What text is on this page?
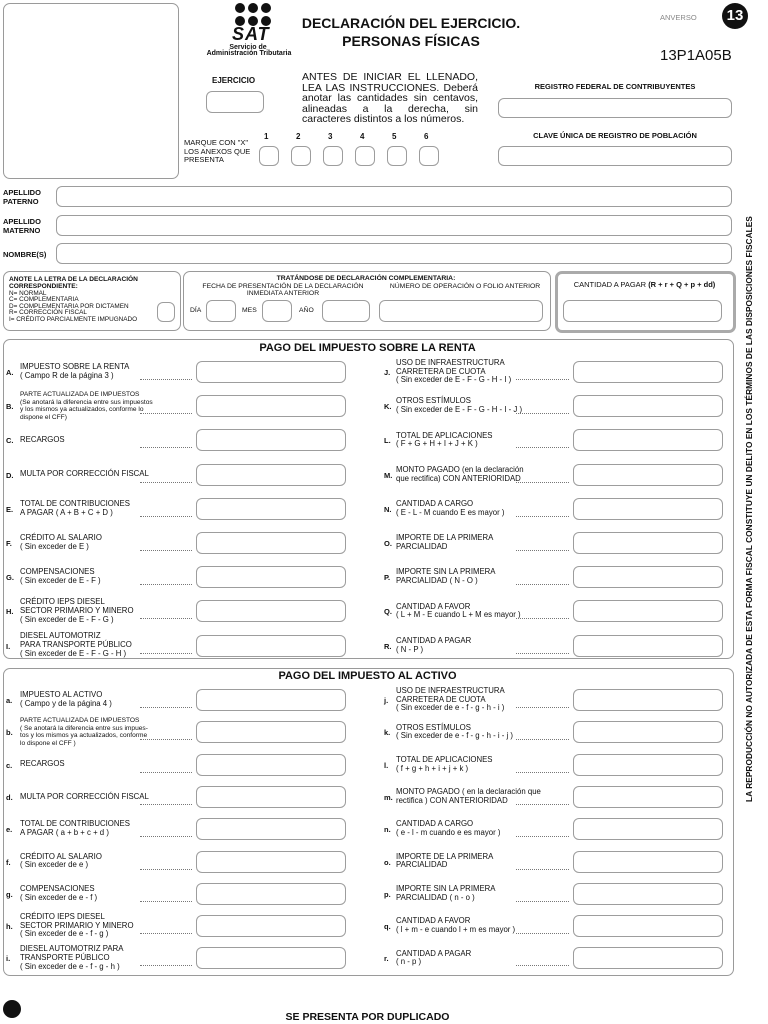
SAT
Servicio de
Administración Tributaria
DECLARACIÓN DEL EJERCICIO.
PERSONAS FÍSICAS
ANVERSO	13
13P1A05B
EJERCICIO	ANTES DE INICIAR EL LLENADO, LEA LAS INSTRUCCIONES. Deberá anotar las cantidades sin centavos, alineadas a la derecha, sin caracteres distintos a los números.
REGISTRO FEDERAL DE CONTRIBUYENTES
CLAVE ÚNICA DE REGISTRO DE POBLACIÓN
MARQUE CON "X" LOS ANEXOS QUE PRESENTA
1	2	3	4	5	6
APELLIDO PATERNO
APELLIDO MATERNO
NOMBRE(S)
ANOTE LA LETRA DE LA DECLARACIÓN CORRESPONDIENTE:
N= NORMAL
C= COMPLEMENTARIA
D= COMPLEMENTARIA POR DICTAMEN
R= CORRECCIÓN FISCAL
I= CRÉDITO PARCIALMENTE IMPUGNADO
TRATÁNDOSE DE DECLARACIÓN COMPLEMENTARIA:
FECHA DE PRESENTACIÓN DE LA DECLARACIÓN INMEDIATA ANTERIOR
NÚMERO DE OPERACIÓN O FOLIO ANTERIOR
DÍA	MES	AÑO
CANTIDAD A PAGAR (R + r + Q + p + dd)
PAGO DEL IMPUESTO SOBRE LA RENTA
A.
IMPUESTO SOBRE LA RENTA
( Campo R de la página 3 )
B.
PARTE ACTUALIZADA DE IMPUESTOS
(Se anotará la diferencia entre sus impuestos
y los mismos ya actualizados, conforme lo
dispone el CFF)
C. RECARGOS
D. MULTA POR CORRECCIÓN FISCAL
E.
TOTAL DE CONTRIBUCIONES
A PAGAR ( A + B + C + D )
F.
CRÉDITO AL SALARIO
( Sin exceder de E )
G.
COMPENSACIONES
( Sin exceder de E - F )
H.
CRÉDITO IEPS DIESEL
SECTOR PRIMARIO Y MINERO
( Sin exceder de E - F - G )
I.
DIESEL AUTOMOTRIZ
PARA TRANSPORTE PÚBLICO
( Sin exceder de E - F - G - H )
J.
USO DE INFRAESTRUCTURA
CARRETERA DE CUOTA
( Sin exceder de E - F - G - H - I )
K.
OTROS ESTÍMULOS
( Sin exceder de E - F - G - H - I - J )
L.
TOTAL DE APLICACIONES
( F + G + H + I + J + K )
M.
MONTO PAGADO (en la declaración
que rectifica) CON ANTERIORIDAD
N.
CANTIDAD A CARGO
( E - L - M cuando E es mayor )
O.
IMPORTE DE LA PRIMERA
PARCIALIDAD
P.
IMPORTE SIN LA PRIMERA
PARCIALIDAD ( N - O )
Q.
CANTIDAD A FAVOR
( L + M - E cuando L + M es mayor )
R.
CANTIDAD A PAGAR
( N - P )
PAGO DEL IMPUESTO AL ACTIVO
a.
IMPUESTO AL ACTIVO
( Campo y de la página 4 )
b.
PARTE ACTUALIZADA DE IMPUESTOS
( Se anotará la diferencia entre sus impues-
tos y los mismos ya actualizados, conforme
lo dispone el CFF )
c. RECARGOS
d. MULTA POR CORRECCIÓN FISCAL
e.
TOTAL DE CONTRIBUCIONES
A PAGAR ( a + b + c + d )
f.
CRÉDITO AL SALARIO
( Sin exceder de e )
g.
COMPENSACIONES
( Sin exceder de e - f )
h.
CRÉDITO IEPS DIESEL
SECTOR PRIMARIO Y MINERO
( Sin exceder de e - f - g )
i.
DIESEL AUTOMOTRIZ PARA
TRANSPORTE PÚBLICO
( Sin exceder de e - f - g - h )
j.
USO DE INFRAESTRUCTURA
CARRETERA DE CUOTA
( Sin exceder de e - f - g - h - i )
k.
OTROS ESTÍMULOS
( Sin exceder de e - f - g - h - i - j )
l.
TOTAL DE APLICACIONES
( f + g + h + i + j + k )
m.
MONTO PAGADO ( en la declaración que
rectifica ) CON ANTERIORIDAD
n.
CANTIDAD A CARGO
( e - l - m cuando e es mayor )
o.
IMPORTE DE LA PRIMERA
PARCIALIDAD
p.
IMPORTE SIN LA PRIMERA
PARCIALIDAD ( n - o )
q.
CANTIDAD A FAVOR
( l + m - e cuando l + m es mayor )
r.
CANTIDAD A PAGAR
( n - p )
LA REPRODUCCIÓN NO AUTORIZADA DE ESTA FORMA FISCAL CONSTITUYE UN DELITO EN LOS TÉRMINOS DE LAS DISPOSICIONES FISCALES
SE PRESENTA POR DUPLICADO
